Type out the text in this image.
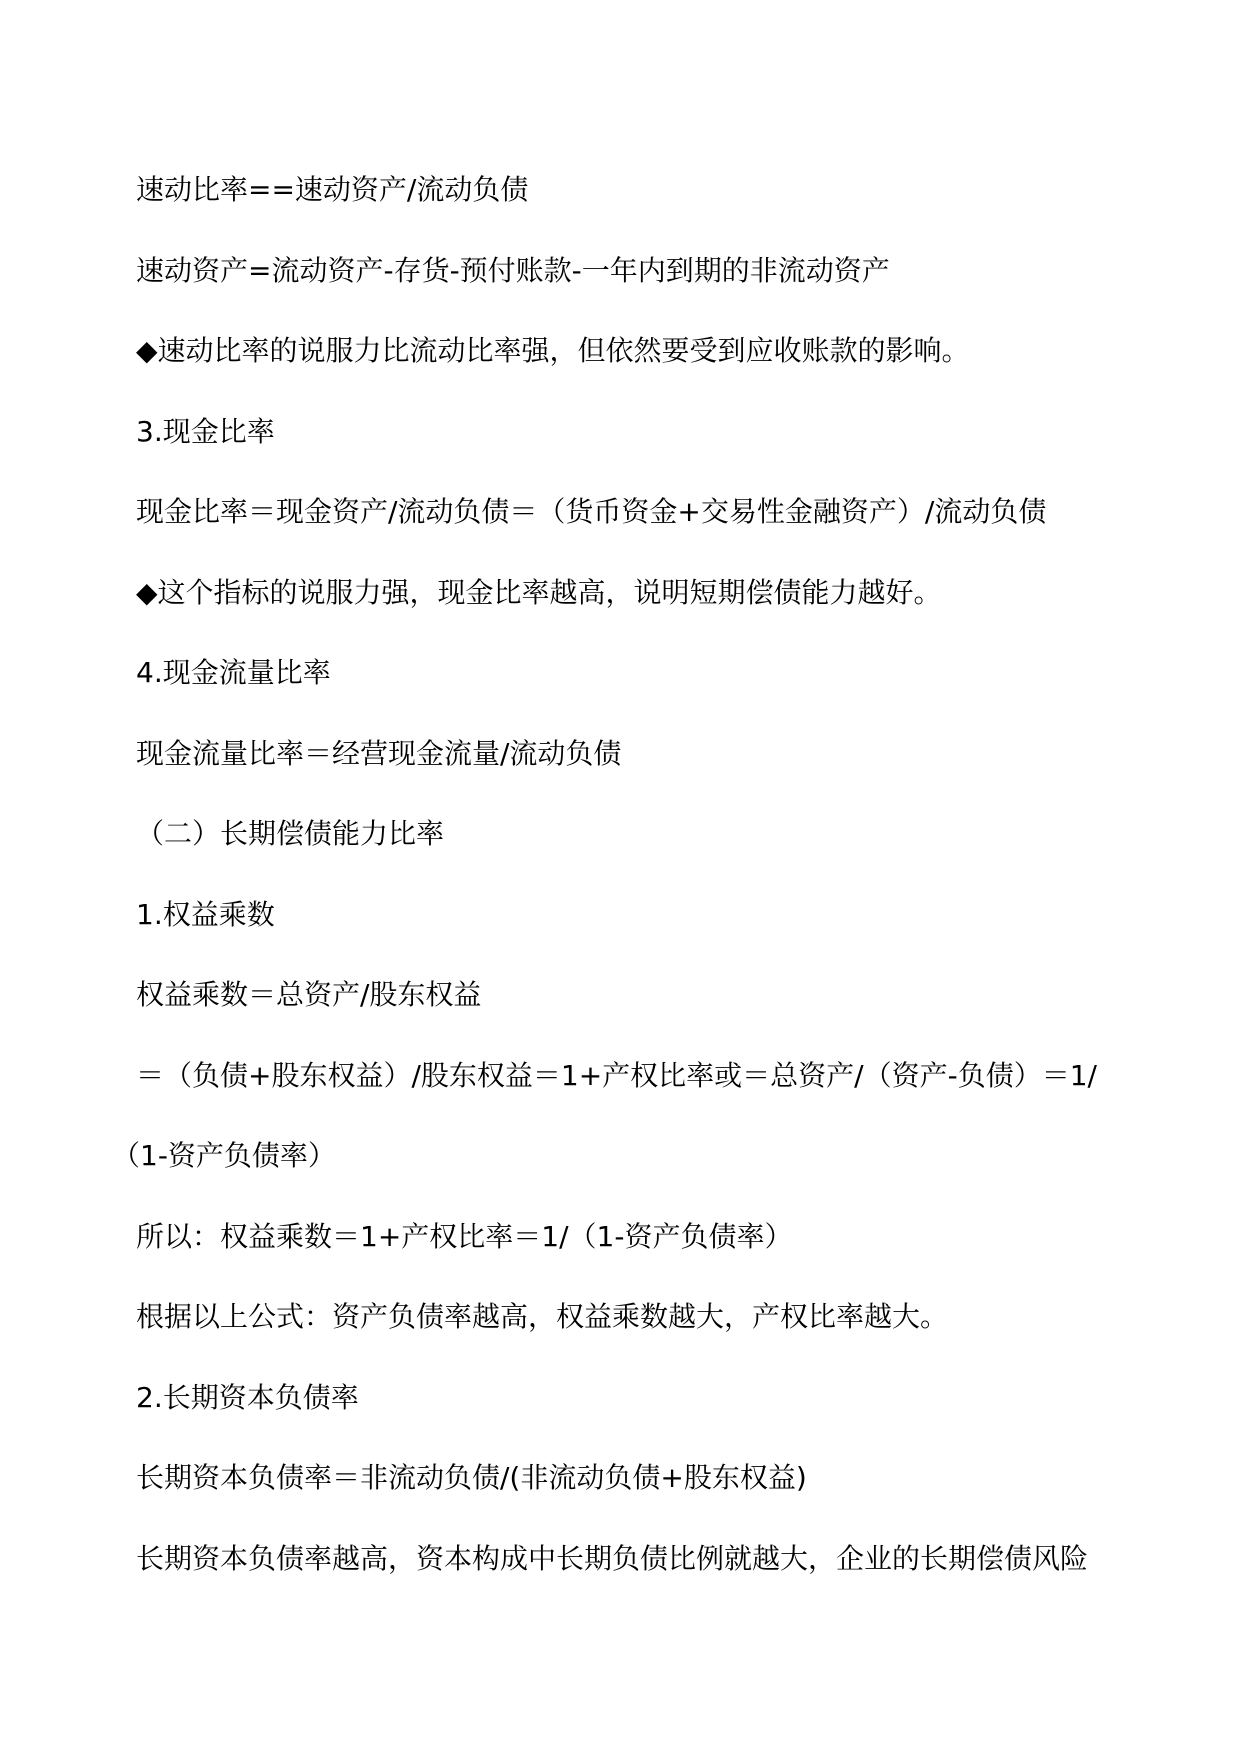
速动比率==速动资产/流动负债
速动资产=流动资产-存货-预付账款-一年内到期的非流动资产
◆速动比率的说服力比流动比率强，但依然要受到应收账款的影响。
3.现金比率
现金比率＝现金资产/流动负债＝（货币资金+交易性金融资产）/流动负债
◆这个指标的说服力强，现金比率越高，说明短期偿债能力越好。
4.现金流量比率
现金流量比率＝经营现金流量/流动负债
（二）长期偿债能力比率
1.权益乘数
权益乘数＝总资产/股东权益
＝（负债+股东权益）/股东权益＝1+产权比率或＝总资产/（资产-负债）＝1/
（1-资产负债率）
所以：权益乘数＝1+产权比率＝1/（1-资产负债率）
根据以上公式：资产负债率越高，权益乘数越大，产权比率越大。
2.长期资本负债率
长期资本负债率＝非流动负债/(非流动负债+股东权益)
长期资本负债率越高，资本构成中长期负债比例就越大，企业的长期偿债风险
